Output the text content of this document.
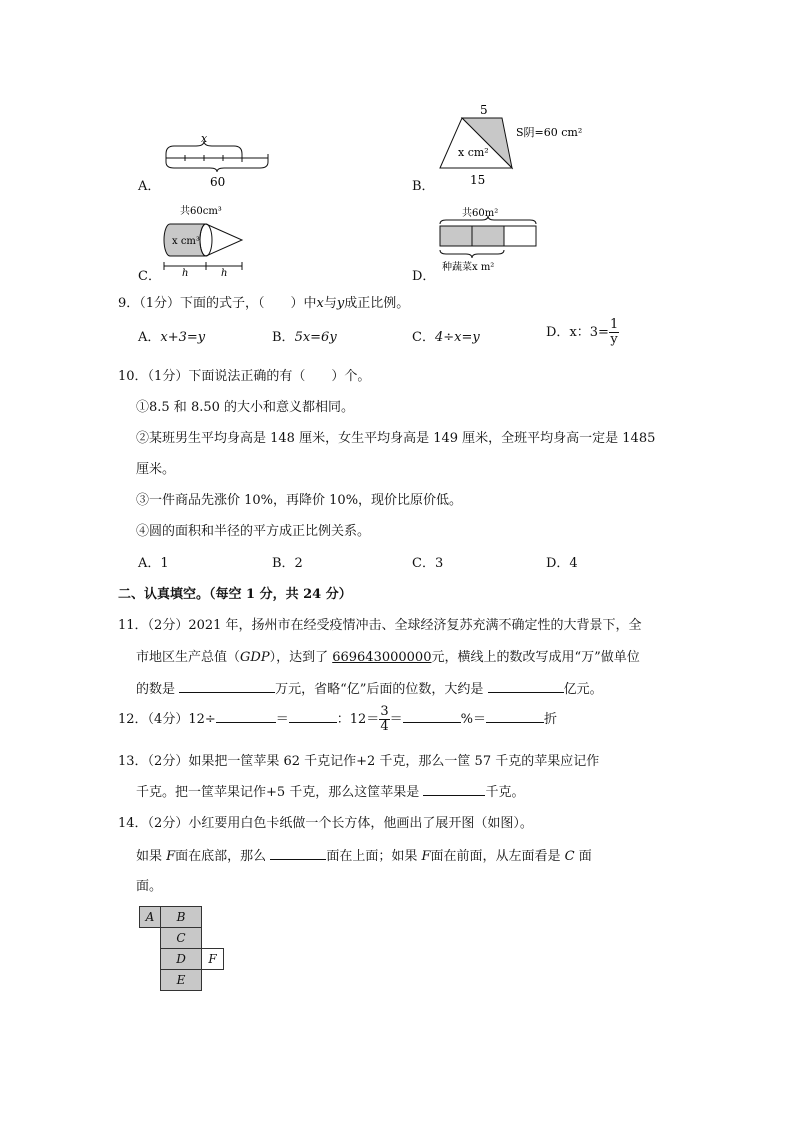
A．
x
60	B．
5
x cm²
S阴=60 cm²
15
C．
共60cm³
x cm³
h	h	D．
共60m²
种蔬菜x m²
9．（1分）下面的式子，（　　）中x与y成正比例。
A．x+3=y	B．5x=6y	C．4÷x=y	D．x：$3= \frac{1}{y}$
10．（1分）下面说法正确的有（　　）个。
①8.5 和 8.50 的大小和意义都相同。
②某班男生平均身高是 148 厘米，女生平均身高是 149 厘米，全班平均身高一定是 1485
厘米。
③一件商品先涨价 10%，再降价 10%，现价比原价低。
④圆的面积和半径的平方成正比例关系。
A．1	B．2	C．3	D．4
二、认真填空。（每空 1 分，共 24 分）
11．（2分）2021 年，扬州市在经受疫情冲击、全球经济复苏充满不确定性的大背景下，全
市地区生产总值（GDP），达到了 669643000000元，横线上的数改写成用“万”做单位
的数是	万元，省略“亿”后面的位数，大约是	亿元。
12．（4分）12÷	＝	：$12= \frac{3}{4}$ ＝	%＝	折
13．（2分）如果把一筐苹果 62 千克记作+2 千克，那么一筐 57 千克的苹果应记作
千克。把一筐苹果记作+5 千克，那么这筐苹果是	千克。
14．（2分）小红要用白色卡纸做一个长方体，他画出了展开图（如图）。
如果 F面在底部，那么	面在上面；如果 F面在前面，从左面看是 C 面
面。
A	B
C
D	F
E
